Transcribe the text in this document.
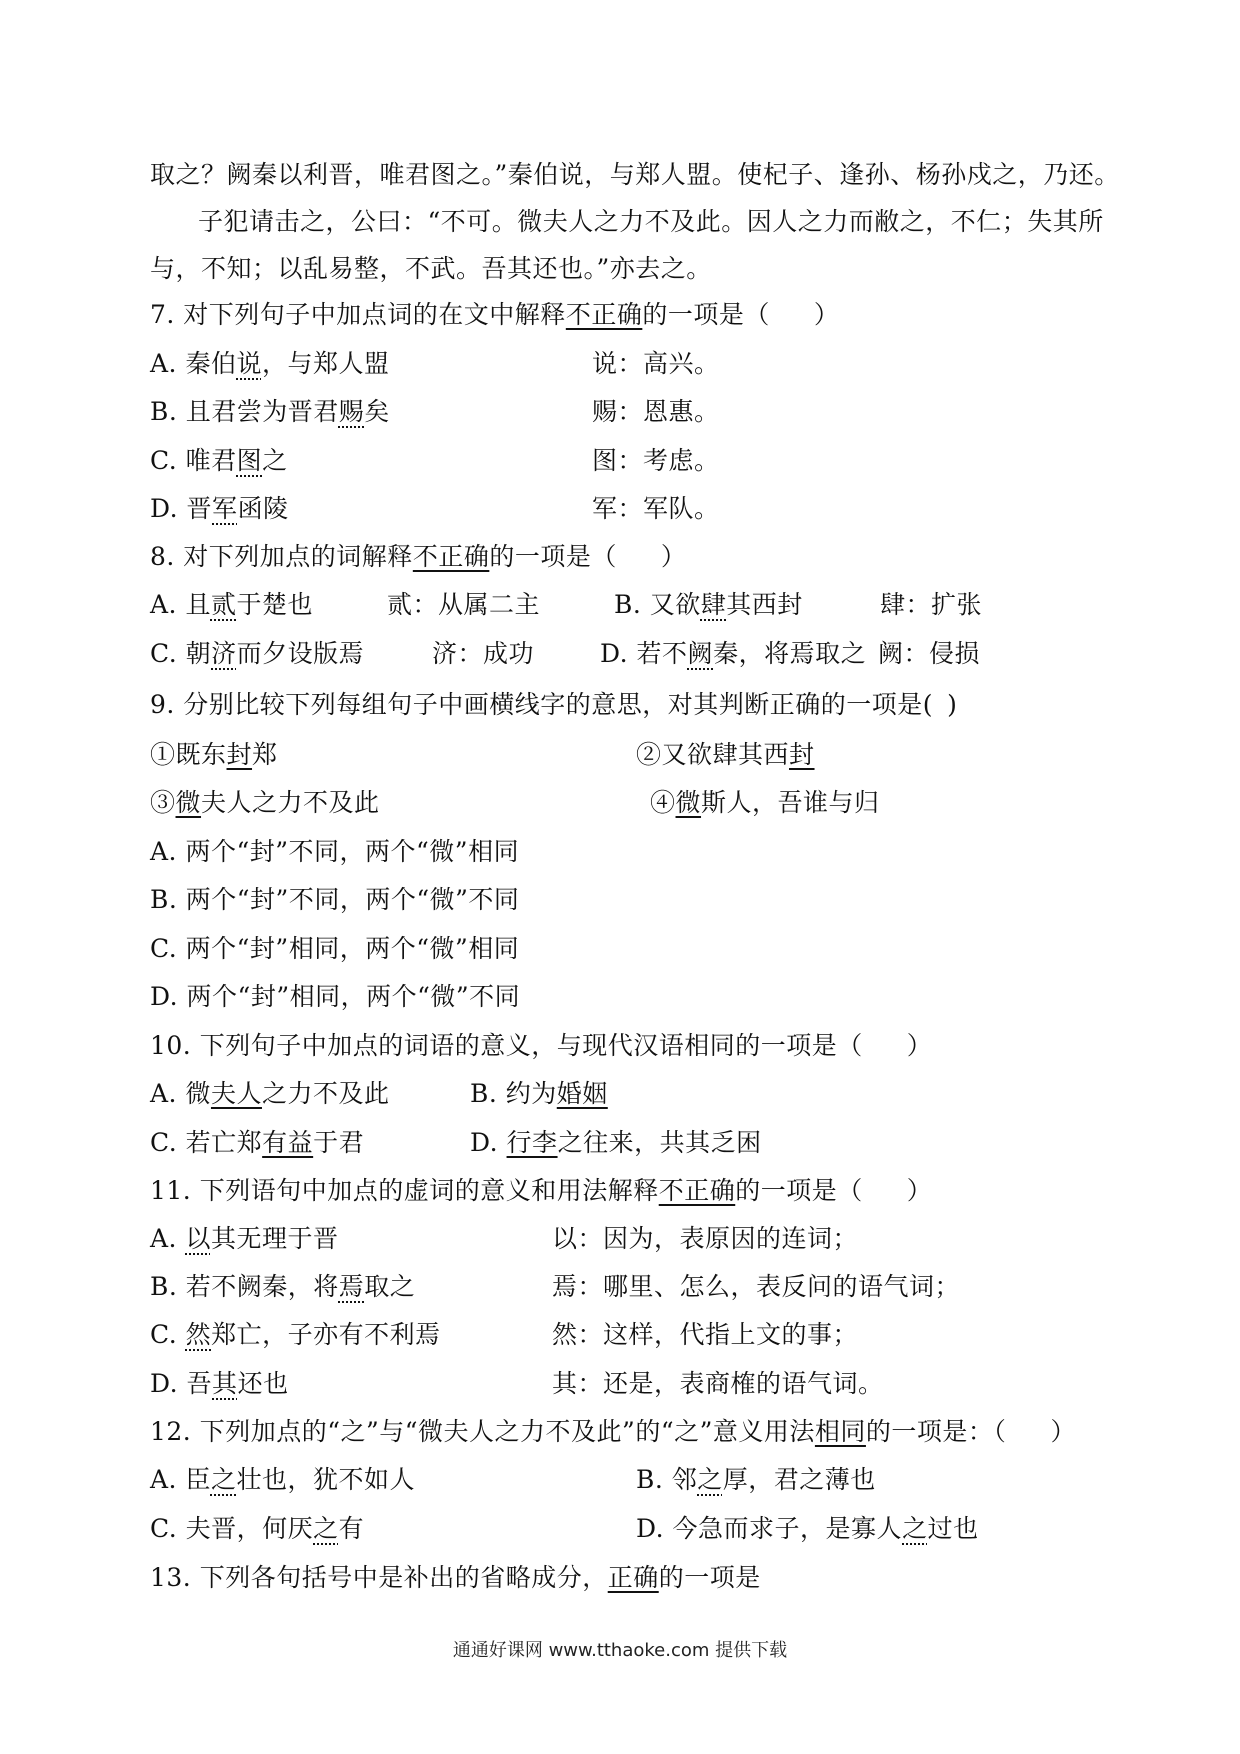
取之？阙秦以利晋，唯君图之。”秦伯说，与郑人盟。使杞子、逢孙、杨孙戍之，乃还。
子犯请击之，公曰：“不可。微夫人之力不及此。因人之力而敝之，不仁；失其所
与，不知；以乱易整，不武。吾其还也。”亦去之。
7. 对下列句子中加点词的在文中解释不正确的一项是（ ）
A. 秦伯说，与郑人盟	说：高兴。
B. 且君尝为晋君赐矣	赐：恩惠。
C. 唯君图之	图：考虑。
D. 晋军函陵	军：军队。
8. 对下列加点的词解释不正确的一项是（ ）
A. 且贰于楚也	贰：从属二主	B. 又欲肆其西封	肆：扩张
C. 朝济而夕设版焉	济：成功	D. 若不阙秦，将焉取之 阙：侵损
9. 分别比较下列每组句子中画横线字的意思，对其判断正确的一项是( )
①既东封郑	②又欲肆其西封
③微夫人之力不及此	④微斯人，吾谁与归
A. 两个“封”不同，两个“微”相同
B. 两个“封”不同，两个“微”不同
C. 两个“封”相同，两个“微”相同
D. 两个“封”相同，两个“微”不同
10. 下列句子中加点的词语的意义，与现代汉语相同的一项是（ ）
A. 微夫人之力不及此	B. 约为婚姻
C. 若亡郑有益于君	D. 行李之往来，共其乏困
11. 下列语句中加点的虚词的意义和用法解释不正确的一项是（ ）
A. 以其无理于晋	以：因为，表原因的连词；
B. 若不阙秦，将焉取之	焉：哪里、怎么，表反问的语气词；
C. 然郑亡，子亦有不利焉	然：这样，代指上文的事；
D. 吾其还也	其：还是，表商榷的语气词。
12. 下列加点的“之”与“微夫人之力不及此”的“之”意义用法相同的一项是：（ ）
A. 臣之壮也，犹不如人	B. 邻之厚，君之薄也
C. 夫晋，何厌之有	D. 今急而求子，是寡人之过也
13. 下列各句括号中是补出的省略成分，正确的一项是
通通好课网 www.tthaoke.com 提供下载
